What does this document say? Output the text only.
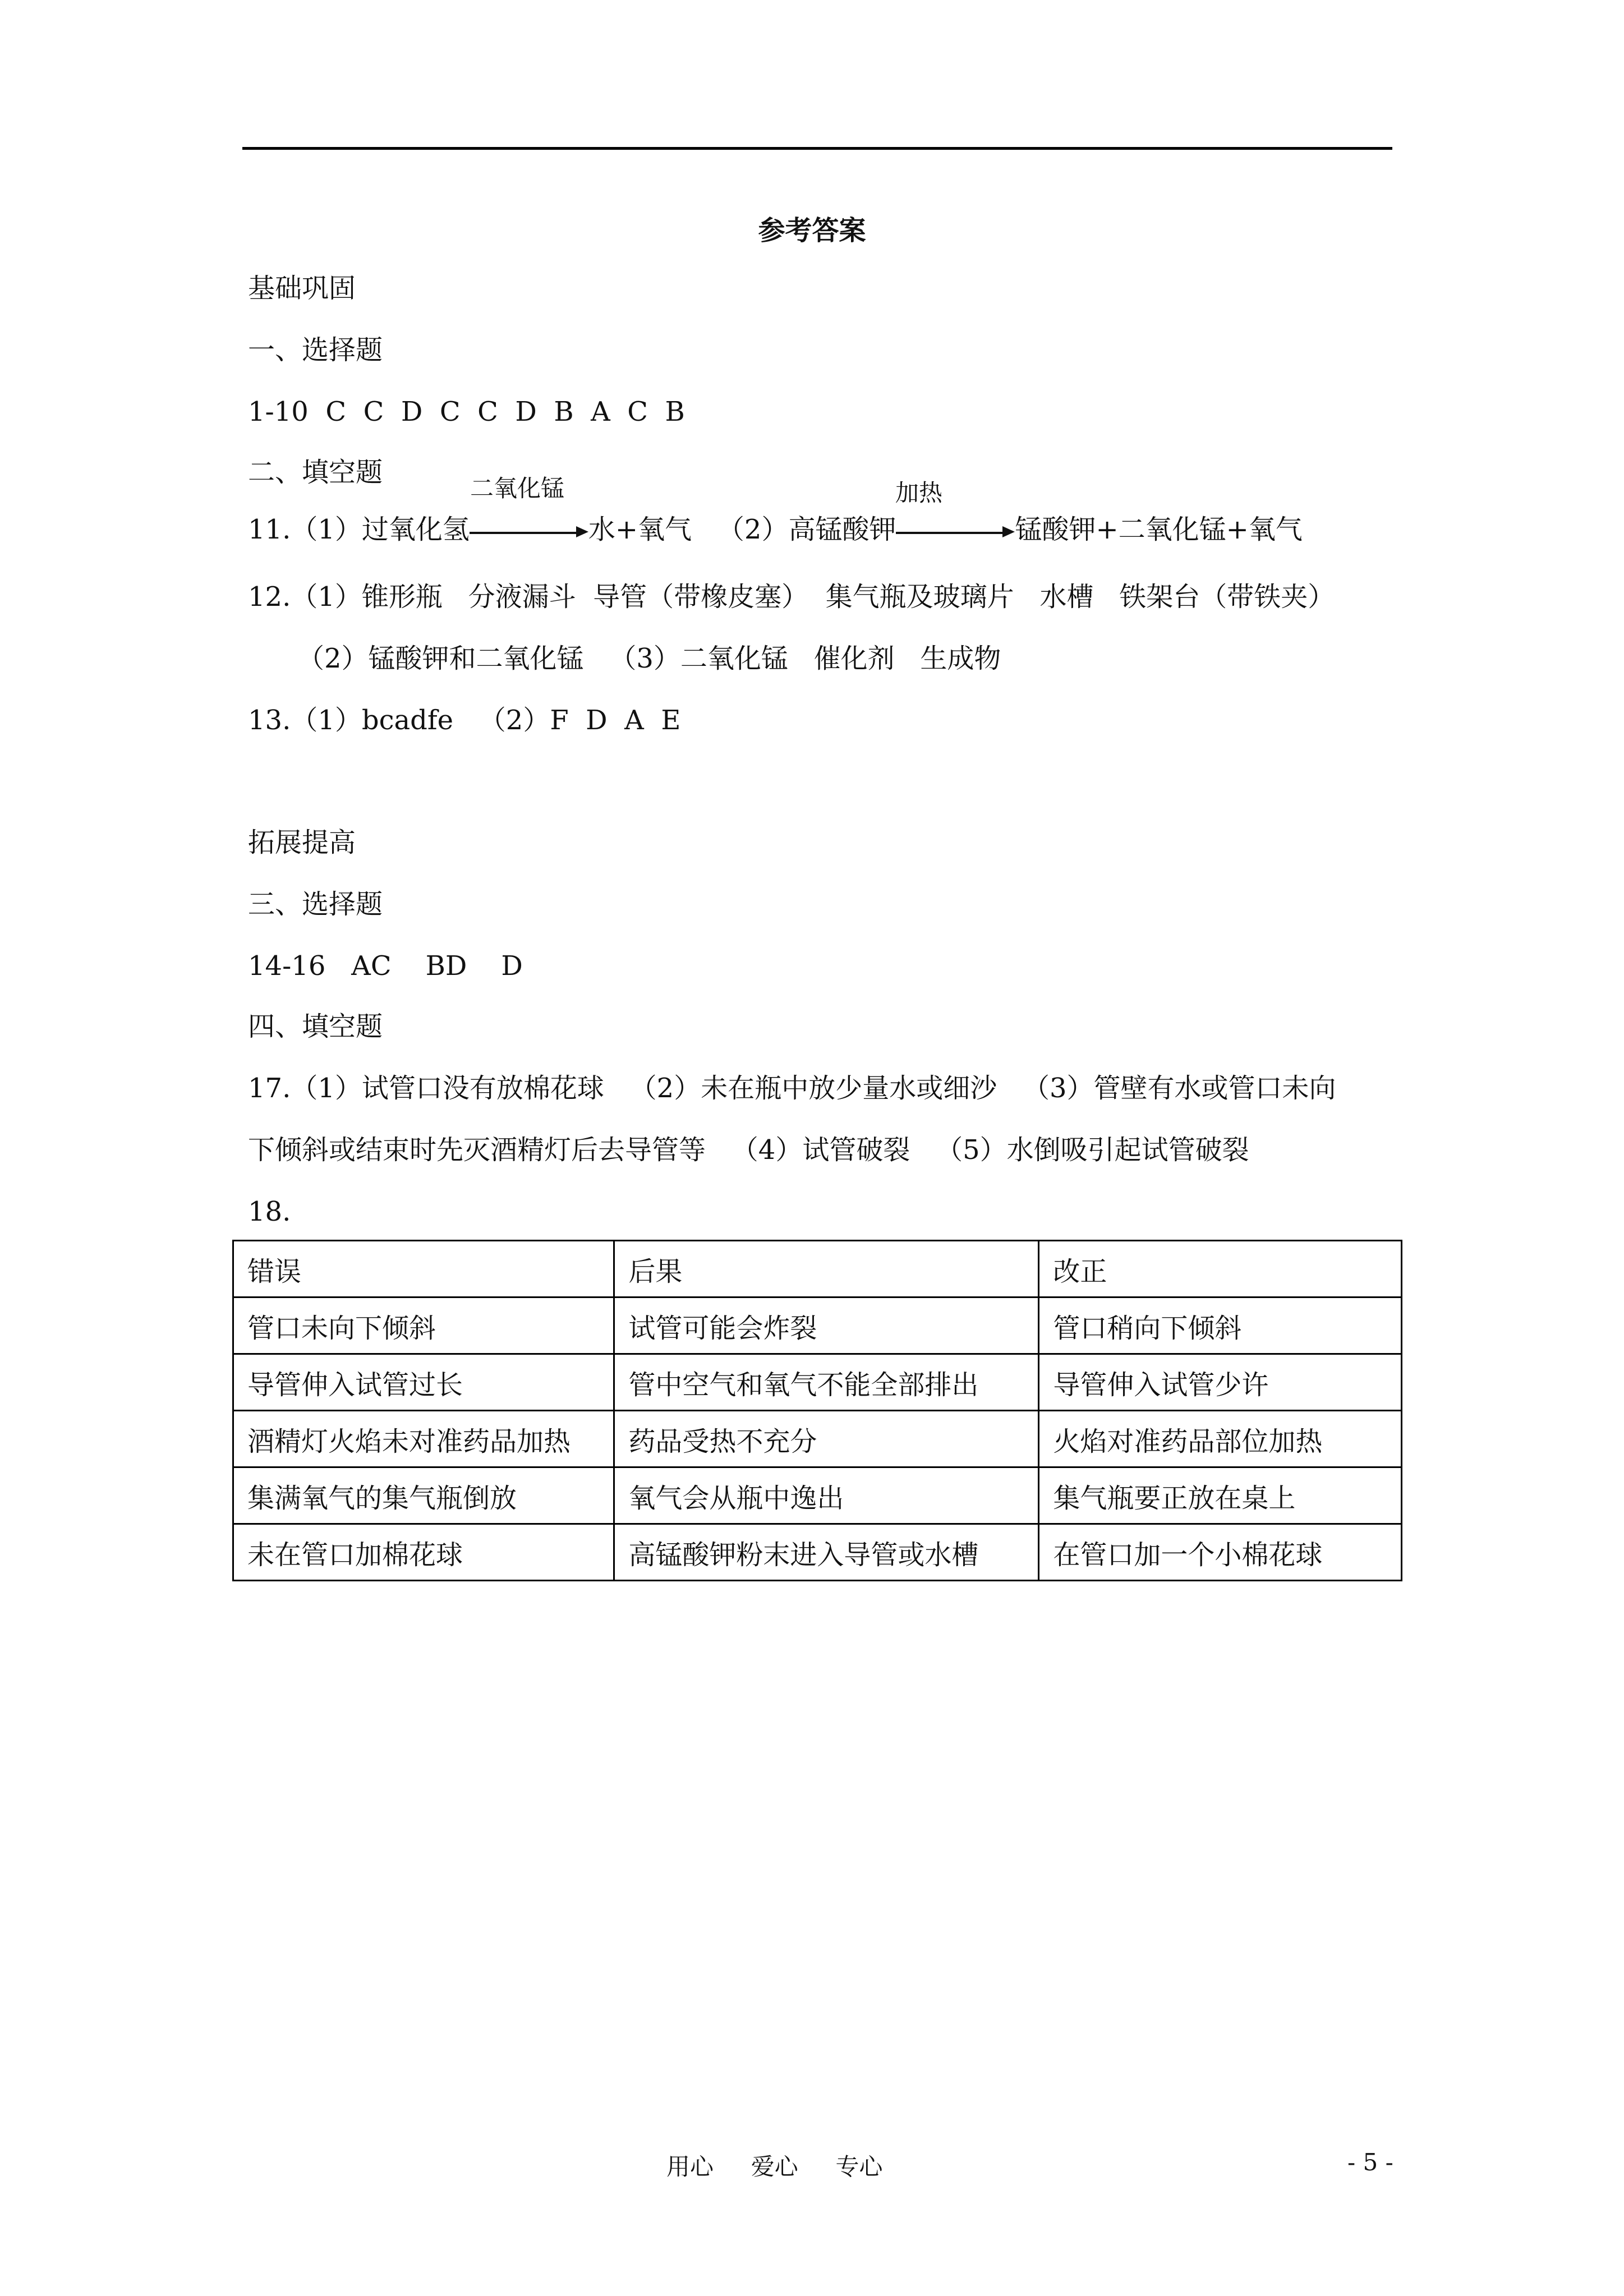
参考答案
基础巩固
一、选择题
1-10  C  C  D  C  C  D  B  A  C  B
二、填空题
二氧化锰	加热
11.（1）过氧化氢	水+氧气   （2）高锰酸钾	锰酸钾+二氧化锰+氧气
12.（1）锥形瓶   分液漏斗  导管（带橡皮塞）  集气瓶及玻璃片   水槽   铁架台（带铁夹）
（2）锰酸钾和二氧化锰   （3）二氧化锰   催化剂   生成物
13.（1）bcadfe   （2）F  D  A  E
拓展提高
三、选择题
14-16   AC    BD    D
四、填空题
17.（1）试管口没有放棉花球   （2）未在瓶中放少量水或细沙   （3）管壁有水或管口未向
下倾斜或结束时先灭酒精灯后去导管等   （4）试管破裂   （5）水倒吸引起试管破裂
18.
错误	后果	改正
管口未向下倾斜	试管可能会炸裂	管口稍向下倾斜
导管伸入试管过长	管中空气和氧气不能全部排出	导管伸入试管少许
酒精灯火焰未对准药品加热	药品受热不充分	火焰对准药品部位加热
集满氧气的集气瓶倒放	氧气会从瓶中逸出	集气瓶要正放在桌上
未在管口加棉花球	高锰酸钾粉末进入导管或水槽	在管口加一个小棉花球
用心     爱心     专心	- 5 -
